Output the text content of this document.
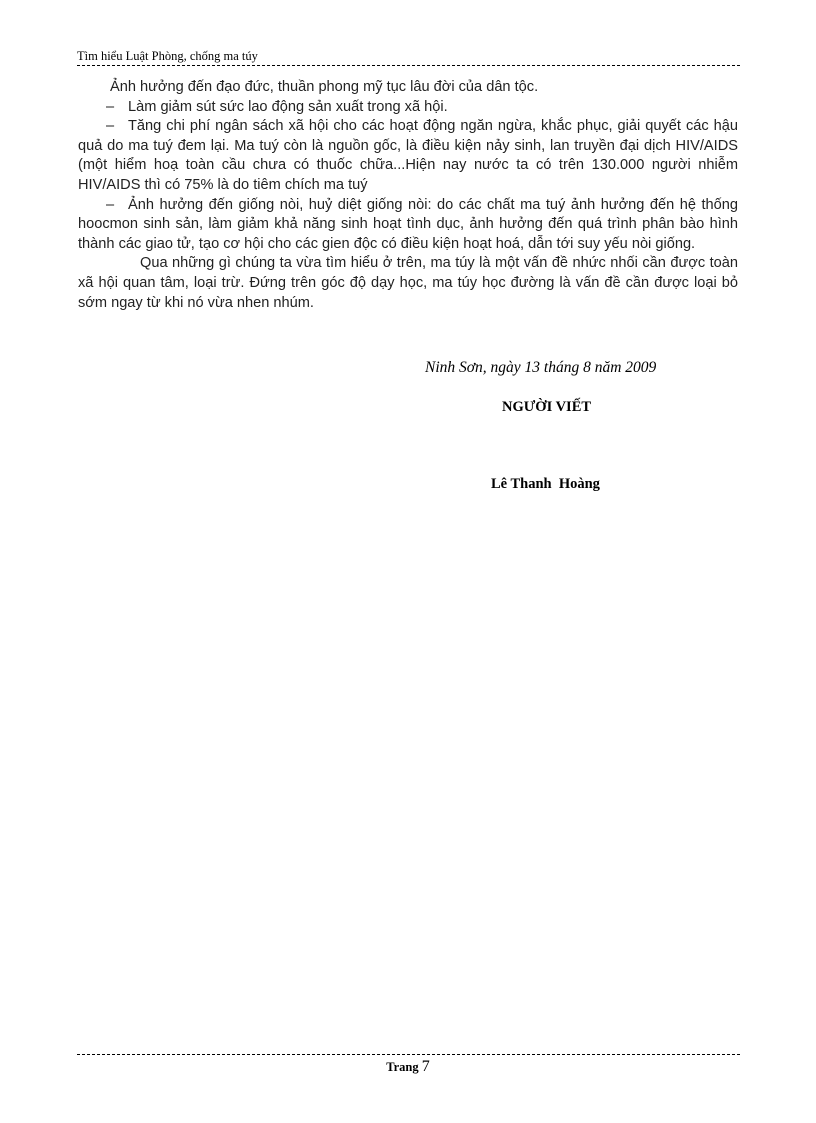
Tìm hiểu Luật Phòng, chống ma túy

Ảnh hưởng đến đạo đức, thuần phong mỹ tục lâu đời của dân tộc.

– Làm giảm sút sức lao động sản xuất trong xã hội.

– Tăng chi phí ngân sách xã hội cho các hoạt động ngăn ngừa, khắc phục, giải quyết các hậu quả do ma tuý đem lại. Ma tuý còn là nguồn gốc, là điều kiện nảy sinh, lan truyền đại dịch HIV/AIDS (một hiểm hoạ toàn cầu chưa có thuốc chữa...Hiện nay nước ta có trên 130.000 người nhiễm HIV/AIDS thì có 75% là do tiêm chích ma tuý

– Ảnh hưởng đến giống nòi, huỷ diệt giống nòi: do các chất ma tuý ảnh hưởng đến hệ thống hoocmon sinh sản, làm giảm khả năng sinh hoạt tình dục, ảnh hưởng đến quá trình phân bào hình thành các giao tử, tạo cơ hội cho các gien độc có điều kiện hoạt hoá, dẫn tới suy yếu nòi giống.

Qua những gì chúng ta vừa tìm hiểu ở trên, ma túy là một vấn đề nhức nhối cần được toàn xã hội quan tâm, loại trừ. Đứng trên góc độ dạy học, ma túy học đường là vấn đề cần được loại bỏ sớm ngay từ khi nó vừa nhen nhúm.

Ninh Sơn, ngày 13 tháng 8 năm 2009
NGƯỜI VIẾT
Lê Thanh  Hoàng
Trang 7
